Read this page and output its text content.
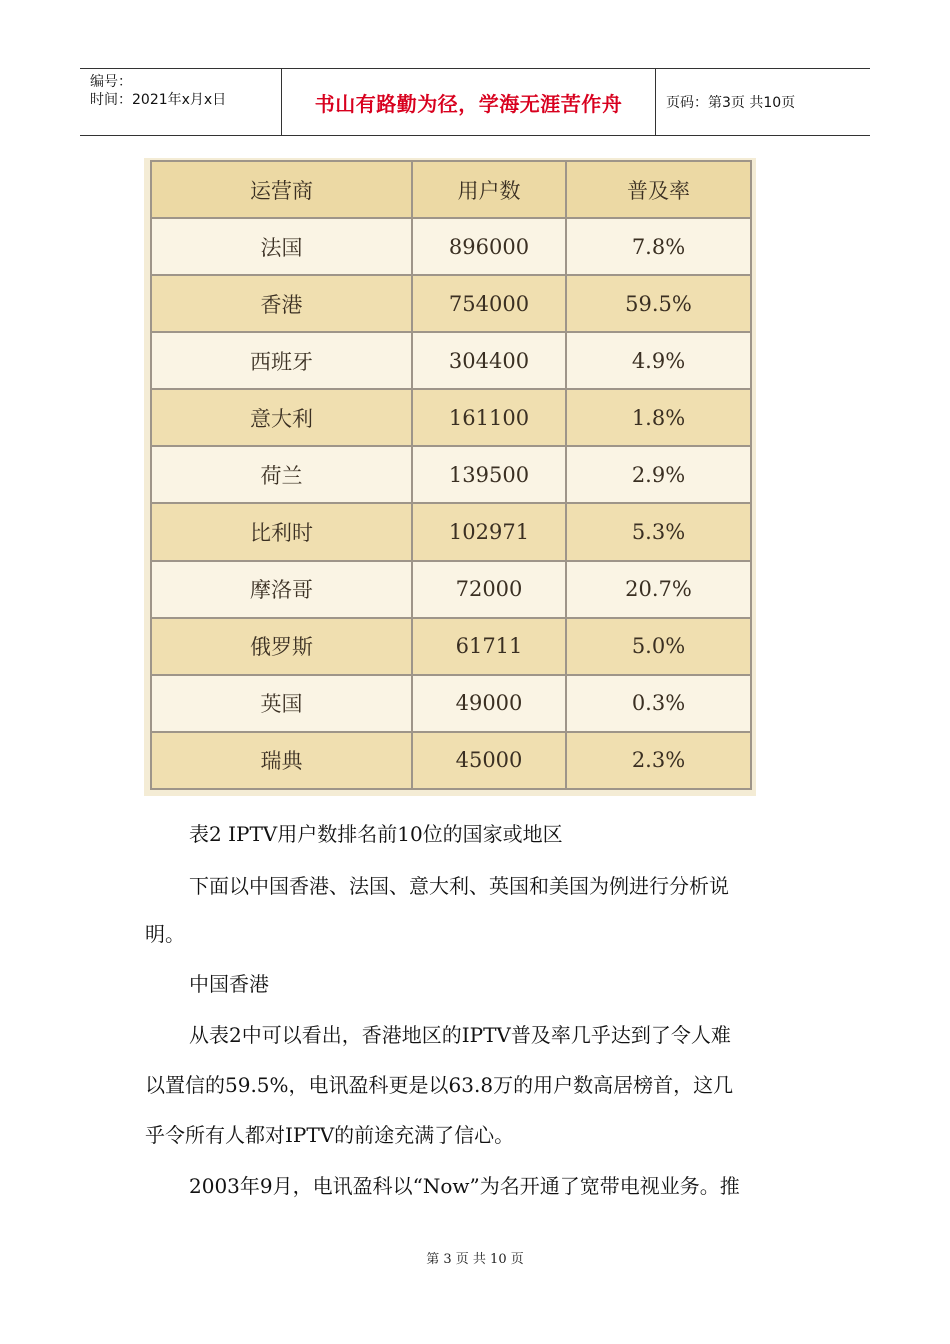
编号：
时间：2021年x月x日	书山有路勤为径，学海无涯苦作舟	页码：第3页 共10页
运营商	用户数	普及率
法国	896000	7.8%
香港	754000	59.5%
西班牙	304400	4.9%
意大利	161100	1.8%
荷兰	139500	2.9%
比利时	102971	5.3%
摩洛哥	72000	20.7%
俄罗斯	61711	5.0%
英国	49000	0.3%
瑞典	45000	2.3%
表2 IPTV用户数排名前10位的国家或地区
下面以中国香港、法国、意大利、英国和美国为例进行分析说
明。
中国香港
从表2中可以看出，香港地区的IPTV普及率几乎达到了令人难
以置信的59.5%，电讯盈科更是以63.8万的用户数高居榜首，这几
乎令所有人都对IPTV的前途充满了信心。
2003年9月，电讯盈科以“Now”为名开通了宽带电视业务。推
第 3 页 共 10 页
